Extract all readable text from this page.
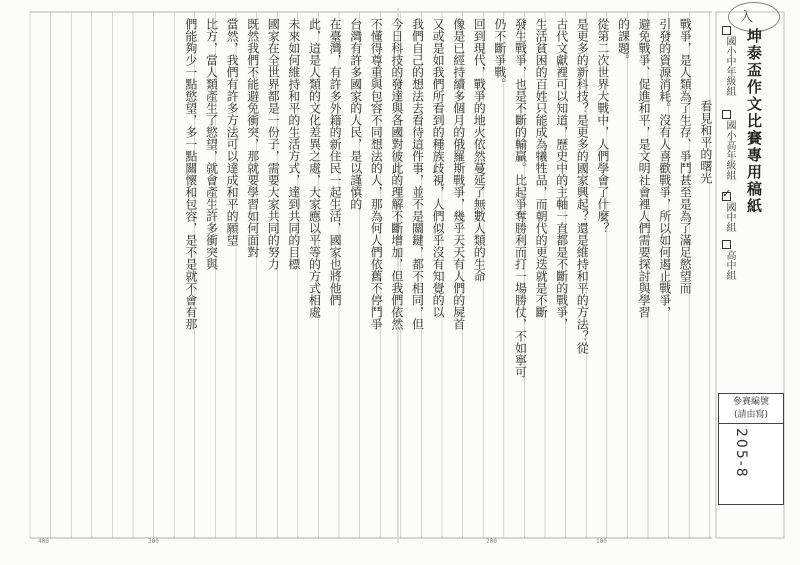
入
坤泰盃作文比賽專用稿紙
國小中年級組
國小高年級組
✓
國中組
高中組
參賽編號
(請由寫)
205-8
400	300	200	100
看見和平的曙光
戰爭，是人類為了生存、爭鬥甚至是為了滿足慾望而
引發的資源消耗。沒有人喜歡戰爭，所以如何遏止戰爭，
避免戰爭、促進和平，是文明社會裡人們需要探討與學習
的課題。
從第二次世界大戰中，人們學會了什麼？
是更多的新科技？是更多的國家興起？還是維持和平的方法？從
古代文獻裡可以知道，歷史中的主軸一直都是不斷的戰爭，
生活貧困的百姓只能成為犧牲品，而朝代的更迭就是不斷
發生戰爭，也是不斷的輸贏。比起爭奪勝利而打一場勝仗，不如寧可
仍不斷爭戰。
回到現代，戰爭的地火依然蔓延了無數人類的生命
像是已經持續多個月的俄羅斯戰爭，幾乎天天有人們的屍首
又或是如我們所看到的種族歧視，人們似乎沒有知覺的以
我們自己的想法去看待這件事，並不是關鍵，都不相同，但
今日科技的發達與各國對彼此的理解不斷增加，但我們依然
不懂得尊重與包容不同想法的人，那為何人們依舊不停鬥爭
台灣有許多國家的人民，是以謹慎的
在臺灣，有許多外籍的新住民一起生活，國家也將他們
此，這是人類的文化差異之處，大家應以平等的方式相處
未來如何維持和平的生活方式，達到共同的目標
國家在全世界都是一份子，需要大家共同的努力
既然我們不能避免衝突，那就要學習如何面對
當然，我們有許多方法可以達成和平的願望
比方，當人類產生了慾望，就會產生許多衝突與
們能夠少一點慾望，多一點關懷和包容，是不是就不會有那
